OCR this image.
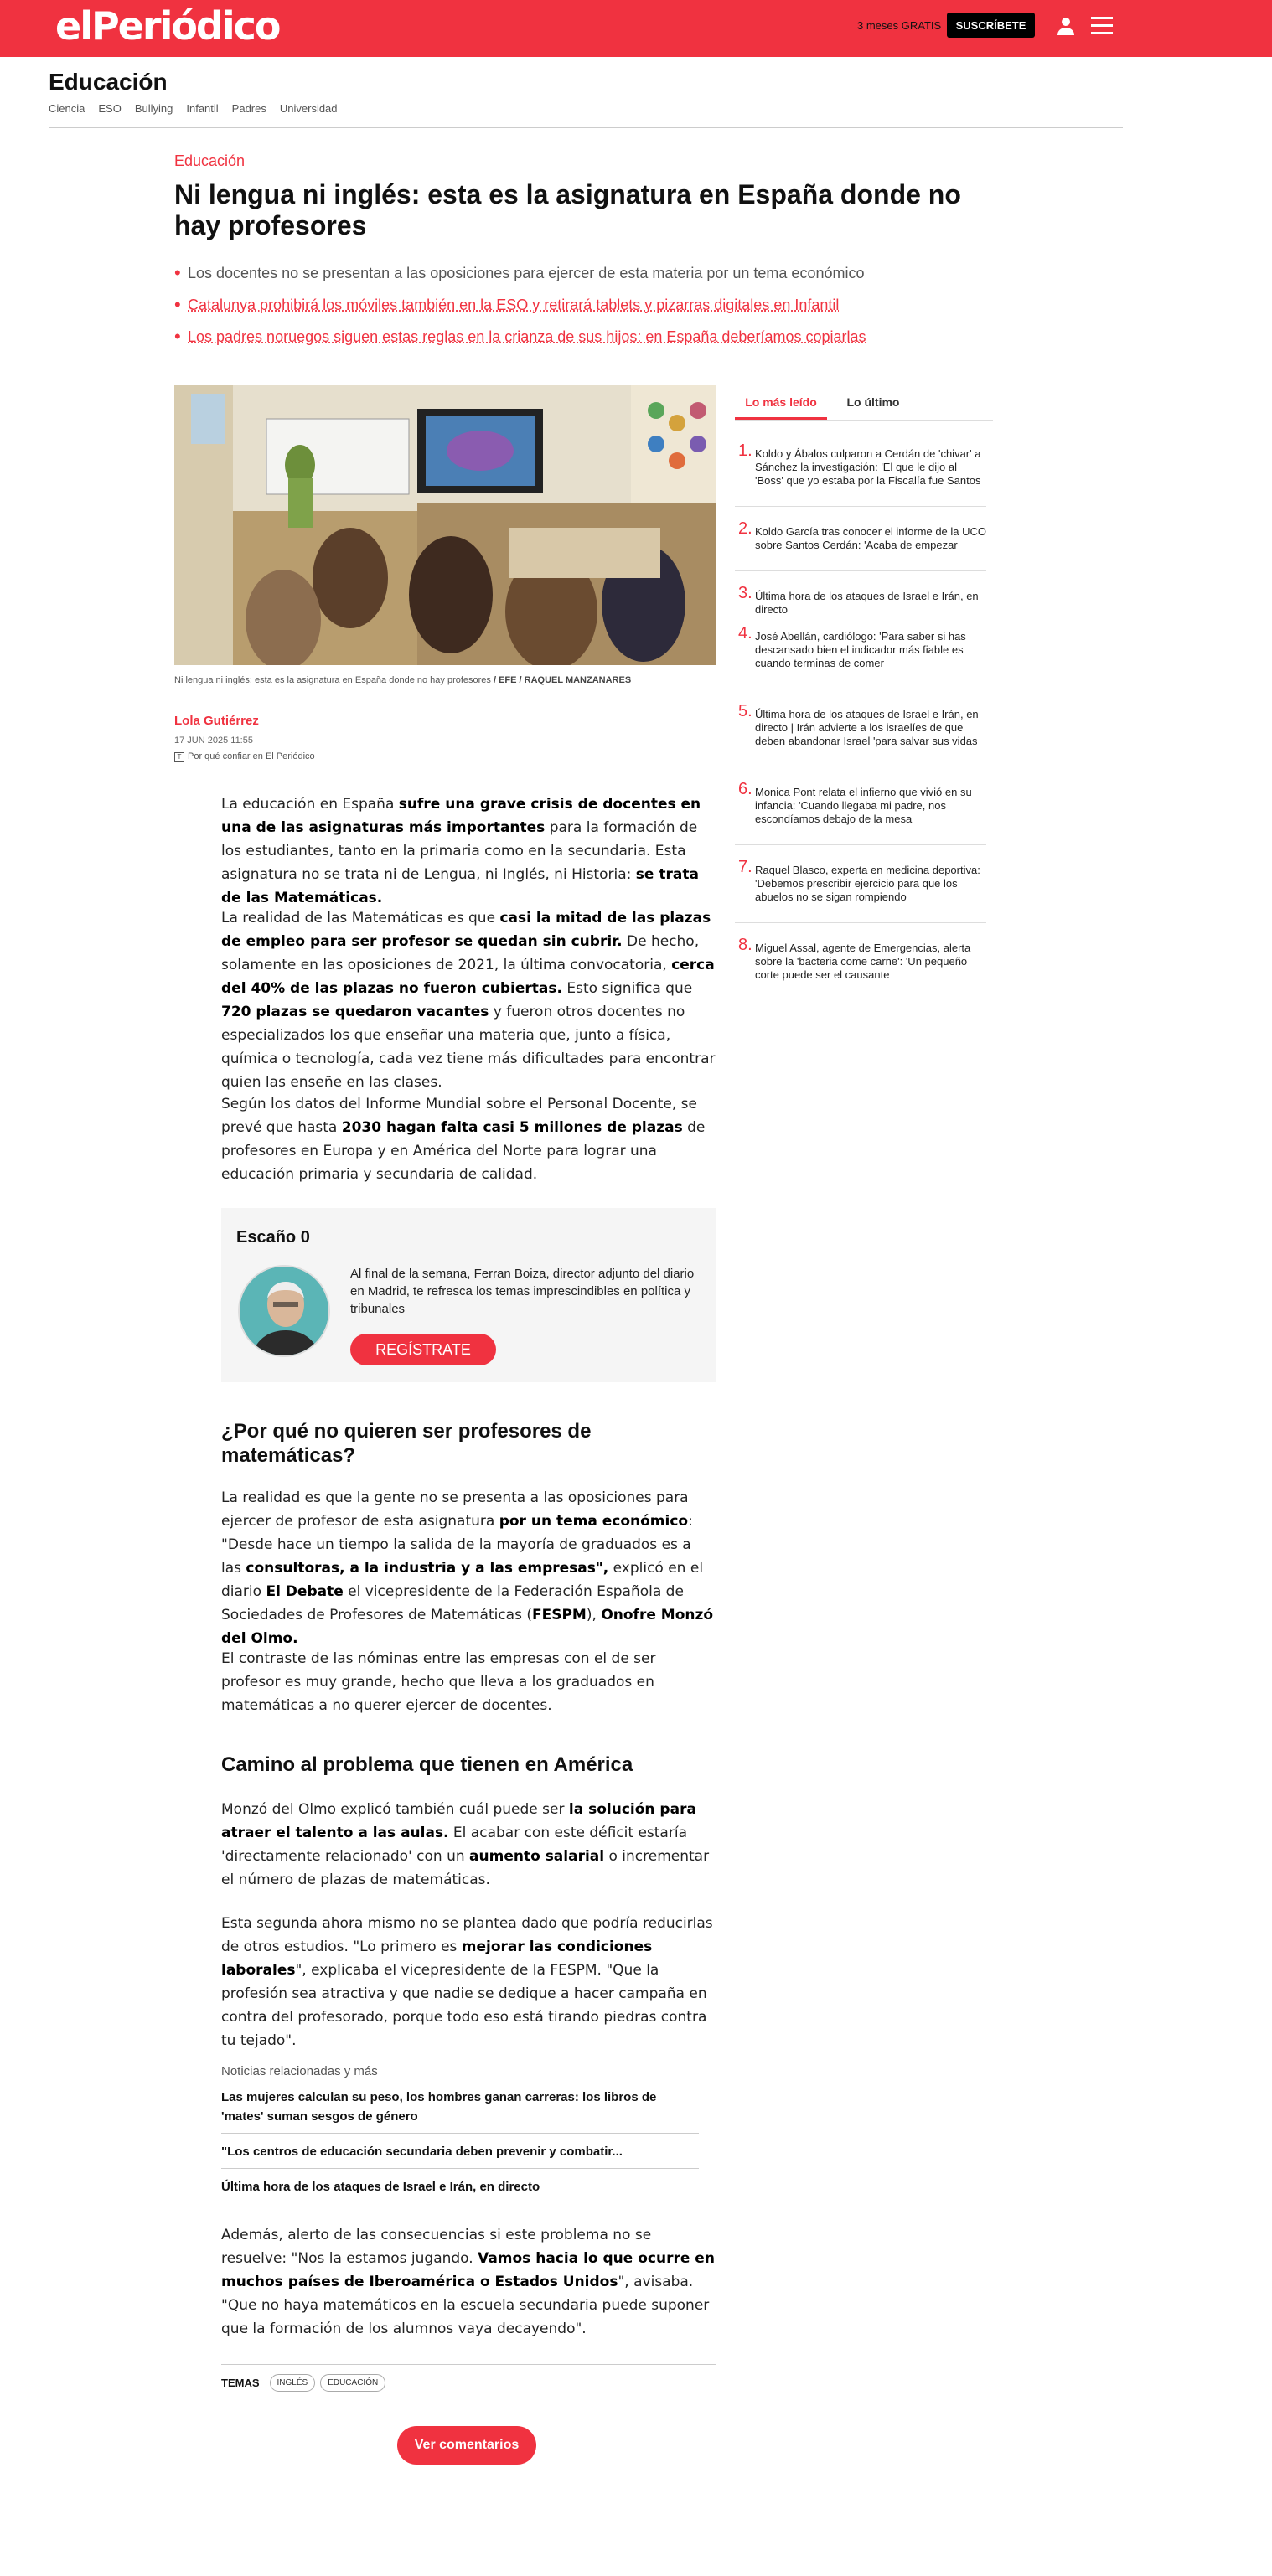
elPeriódico	3 meses GRATIS	SUSCRÍBETE
Educación
Ciencia ESO Bullying Infantil Padres Universidad
Educación
Ni lengua ni inglés: esta es la asignatura en España donde no hay profesores
• Los docentes no se presentan a las oposiciones para ejercer de esta materia por un tema económico
• Catalunya prohibirá los móviles también en la ESO y retirará tablets y pizarras digitales en Infantil
• Los padres noruegos siguen estas reglas en la crianza de sus hijos: en España deberíamos copiarlas
Ni lengua ni inglés: esta es la asignatura en España donde no hay profesores / EFE / RAQUEL MANZANARES
Lola Gutiérrez
17 JUN 2025 11:55
T Por qué confiar en El Periódico

La educación en España sufre una grave crisis de docentes en una de las asignaturas más importantes para la formación de los estudiantes, tanto en la primaria como en la secundaria. Esta asignatura no se trata ni de Lengua, ni Inglés, ni Historia: se trata de las Matemáticas.

La realidad de las Matemáticas es que casi la mitad de las plazas de empleo para ser profesor se quedan sin cubrir. De hecho, solamente en las oposiciones de 2021, la última convocatoria, cerca del 40% de las plazas no fueron cubiertas. Esto significa que 720 plazas se quedaron vacantes y fueron otros docentes no especializados los que enseñar una materia que, junto a física, química o tecnología, cada vez tiene más dificultades para encontrar quien las enseñe en las clases.

Según los datos del Informe Mundial sobre el Personal Docente, se prevé que hasta 2030 hagan falta casi 5 millones de plazas de profesores en Europa y en América del Norte para lograr una educación primaria y secundaria de calidad.

Escaño 0
Al final de la semana, Ferran Boiza, director adjunto del diario en Madrid, te refresca los temas imprescindibles en política y tribunales
REGÍSTRATE
¿Por qué no quieren ser profesores de matemáticas?

La realidad es que la gente no se presenta a las oposiciones para ejercer de profesor de esta asignatura por un tema económico: "Desde hace un tiempo la salida de la mayoría de graduados es a las consultoras, a la industria y a las empresas", explicó en el diario El Debate el vicepresidente de la Federación Española de Sociedades de Profesores de Matemáticas (FESPM), Onofre Monzó del Olmo.

El contraste de las nóminas entre las empresas con el de ser profesor es muy grande, hecho que lleva a los graduados en matemáticas a no querer ejercer de docentes.

Camino al problema que tienen en América

Monzó del Olmo explicó también cuál puede ser la solución para atraer el talento a las aulas. El acabar con este déficit estaría 'directamente relacionado' con un aumento salarial o incrementar el número de plazas de matemáticas.

Esta segunda ahora mismo no se plantea dado que podría reducirlas de otros estudios. "Lo primero es mejorar las condiciones laborales", explicaba el vicepresidente de la FESPM. "Que la profesión sea atractiva y que nadie se dedique a hacer campaña en contra del profesorado, porque todo eso está tirando piedras contra tu tejado".

Noticias relacionadas y más
Las mujeres calculan su peso, los hombres ganan carreras: los libros de 'mates' suman sesgos de género
"Los centros de educación secundaria deben prevenir y combatir...
Última hora de los ataques de Israel e Irán, en directo

Además, alerto de las consecuencias si este problema no se resuelve: "Nos la estamos jugando. Vamos hacia lo que ocurre en muchos países de Iberoamérica o Estados Unidos", avisaba. "Que no haya matemáticos en la escuela secundaria puede suponer que la formación de los alumnos vaya decayendo".

TEMAS	INGLÉS	EDUCACIÓN
Ver comentarios
Lo más leído	Lo último
1. Koldo y Ábalos culparon a Cerdán de 'chivar' a Sánchez la investigación: 'El que le dijo al 'Boss' que yo estaba por la Fiscalía fue Santos
2. Koldo García tras conocer el informe de la UCO sobre Santos Cerdán: 'Acaba de empezar
3. Última hora de los ataques de Israel e Irán, en directo
4. José Abellán, cardiólogo: 'Para saber si has descansado bien el indicador más fiable es cuando terminas de comer
5. Última hora de los ataques de Israel e Irán, en directo | Irán advierte a los israelíes de que deben abandonar Israel 'para salvar sus vidas
6. Monica Pont relata el infierno que vivió en su infancia: 'Cuando llegaba mi padre, nos escondíamos debajo de la mesa
7. Raquel Blasco, experta en medicina deportiva: 'Debemos prescribir ejercicio para que los abuelos no se sigan rompiendo
8. Miguel Assal, agente de Emergencias, alerta sobre la 'bacteria come carne': 'Un pequeño corte puede ser el causante
